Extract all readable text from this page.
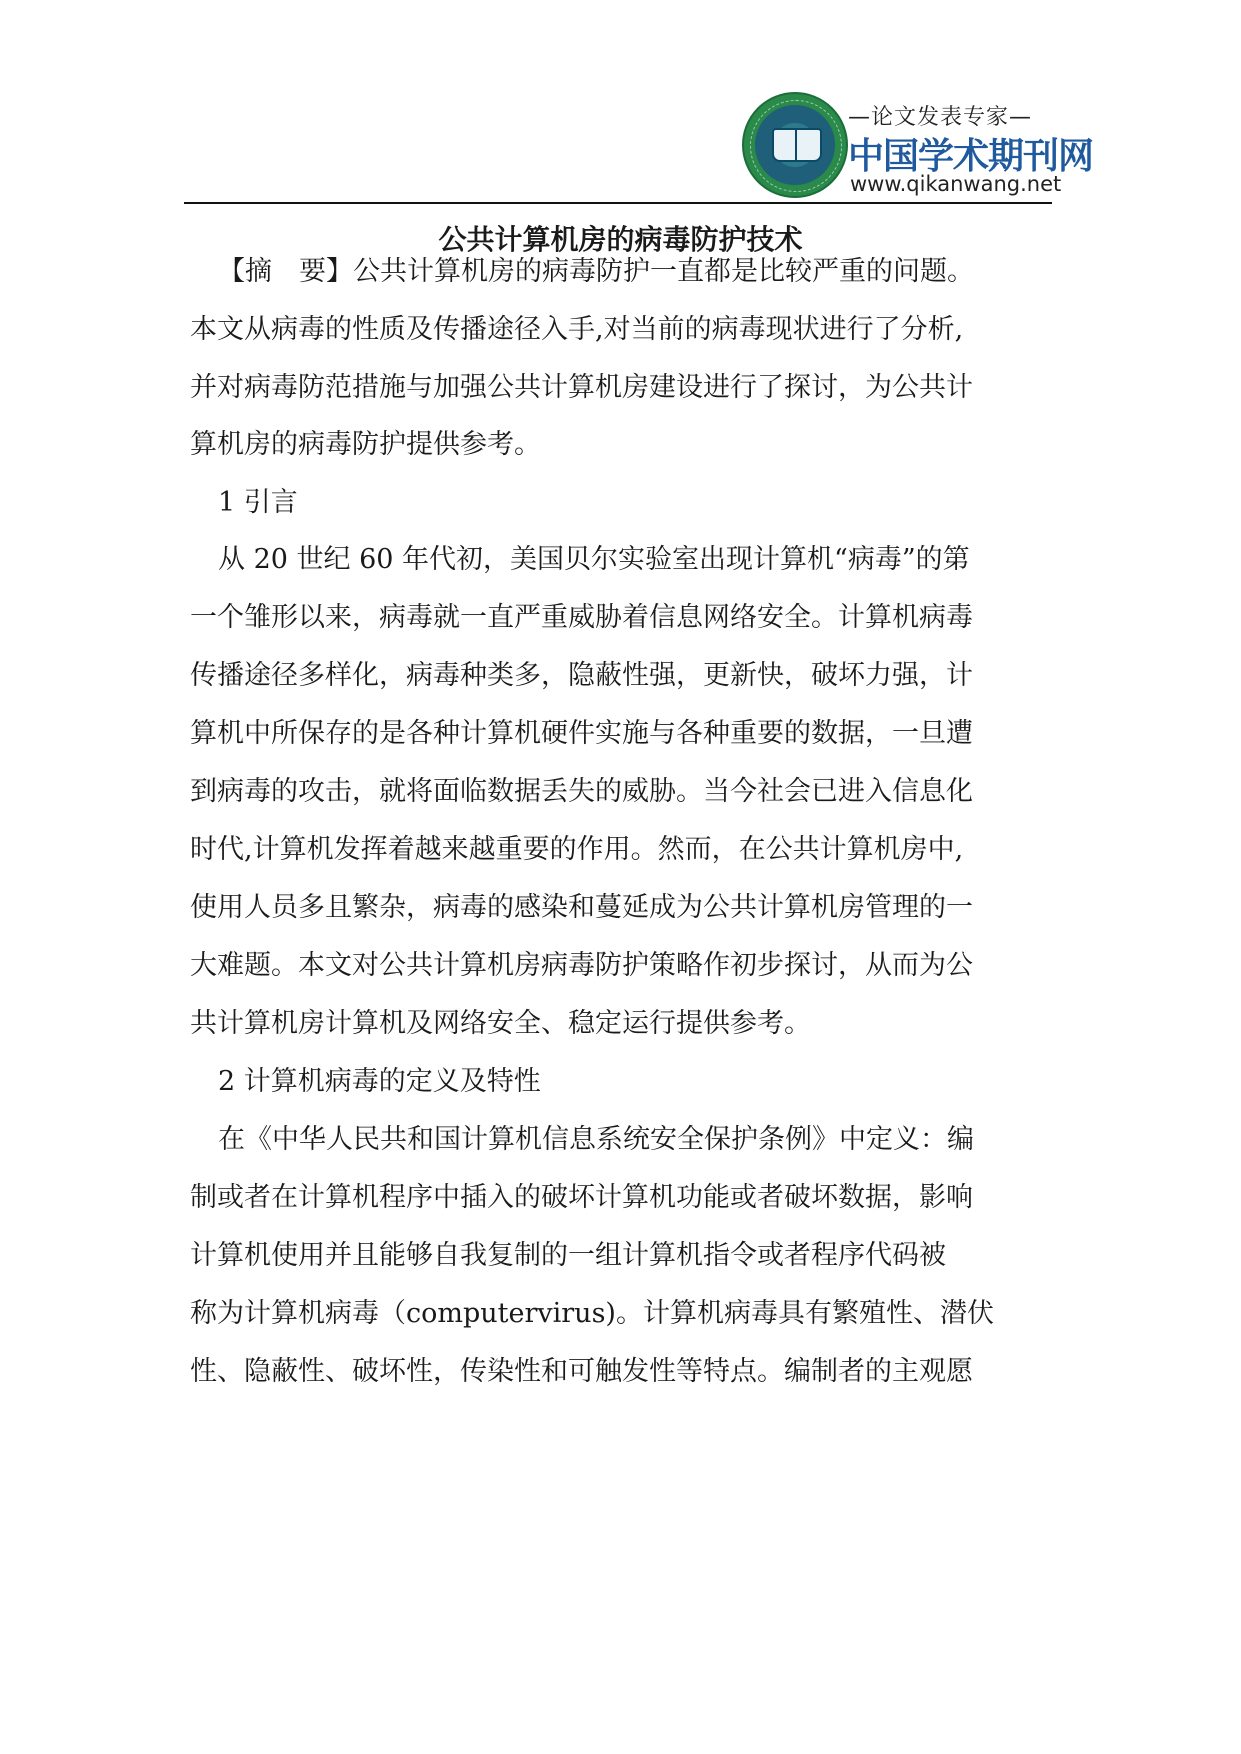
—论文发表专家—
中国学术期刊网
www.qikanwang.net
公共计算机房的病毒防护技术
【摘　要】公共计算机房的病毒防护一直都是比较严重的问题。
本文从病毒的性质及传播途径入手,对当前的病毒现状进行了分析,
并对病毒防范措施与加强公共计算机房建设进行了探讨，为公共计
算机房的病毒防护提供参考。
1 引言
从 20 世纪 60 年代初，美国贝尔实验室出现计算机“病毒”的第
一个雏形以来，病毒就一直严重威胁着信息网络安全。计算机病毒
传播途径多样化，病毒种类多，隐蔽性强，更新快，破坏力强，计
算机中所保存的是各种计算机硬件实施与各种重要的数据，一旦遭
到病毒的攻击，就将面临数据丢失的威胁。当今社会已进入信息化
时代,计算机发挥着越来越重要的作用。然而，在公共计算机房中,
使用人员多且繁杂，病毒的感染和蔓延成为公共计算机房管理的一
大难题。本文对公共计算机房病毒防护策略作初步探讨，从而为公
共计算机房计算机及网络安全、稳定运行提供参考。
2 计算机病毒的定义及特性
在《中华人民共和国计算机信息系统安全保护条例》中定义：编
制或者在计算机程序中插入的破坏计算机功能或者破坏数据，影响
计算机使用并且能够自我复制的一组计算机指令或者程序代码被
称为计算机病毒（computervirus)。计算机病毒具有繁殖性、潜伏
性、隐蔽性、破坏性，传染性和可触发性等特点。编制者的主观愿
